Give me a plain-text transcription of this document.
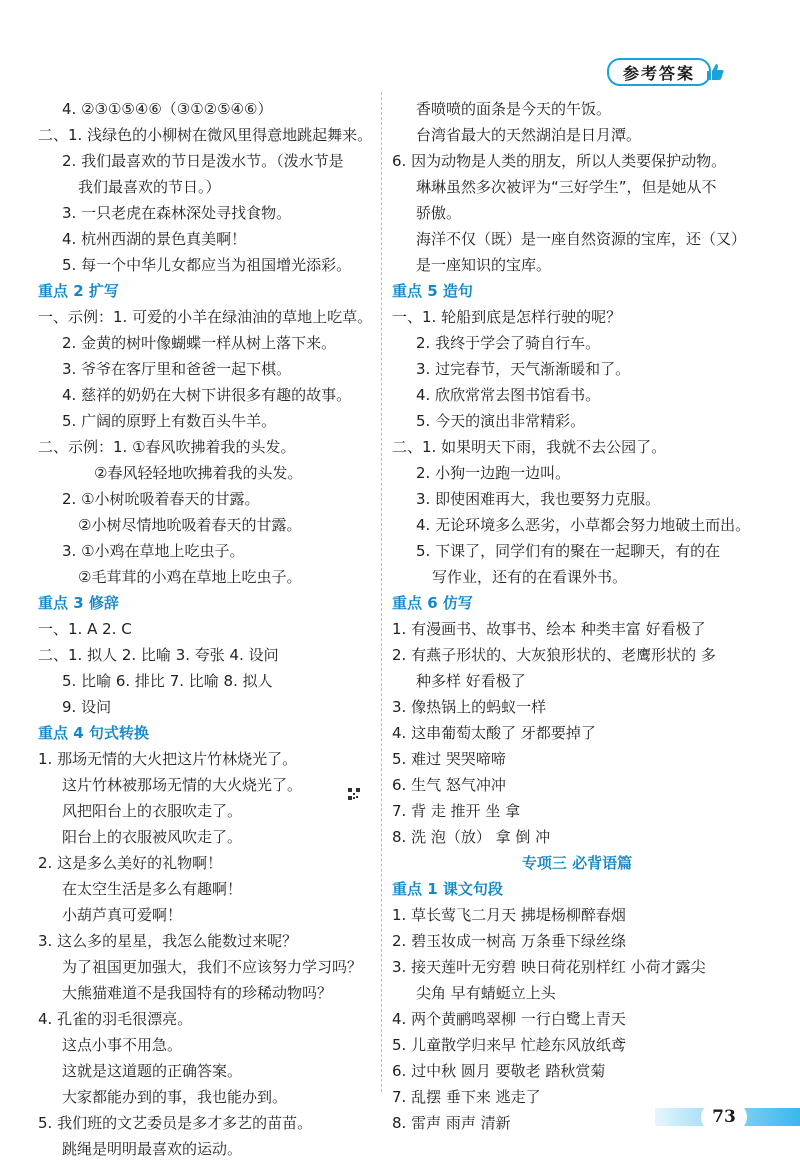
参考答案
4. ②③①⑤④⑥（③①②⑤④⑥）
二、1. 浅绿色的小柳树在微风里得意地跳起舞来。
2. 我们最喜欢的节日是泼水节。（泼水节是
我们最喜欢的节日。）
3. 一只老虎在森林深处寻找食物。
4. 杭州西湖的景色真美啊！
5. 每一个中华儿女都应当为祖国增光添彩。
重点 2 扩写
一、示例：1. 可爱的小羊在绿油油的草地上吃草。
2. 金黄的树叶像蝴蝶一样从树上落下来。
3. 爷爷在客厅里和爸爸一起下棋。
4. 慈祥的奶奶在大树下讲很多有趣的故事。
5. 广阔的原野上有数百头牛羊。
二、示例：1. ①春风吹拂着我的头发。
②春风轻轻地吹拂着我的头发。
2. ①小树吮吸着春天的甘露。
②小树尽情地吮吸着春天的甘露。
3. ①小鸡在草地上吃虫子。
②毛茸茸的小鸡在草地上吃虫子。
重点 3 修辞
一、1. A 2. C
二、1. 拟人 2. 比喻 3. 夸张 4. 设问
5. 比喻 6. 排比 7. 比喻 8. 拟人
9. 设问
重点 4 句式转换
1. 那场无情的大火把这片竹林烧光了。
这片竹林被那场无情的大火烧光了。
风把阳台上的衣服吹走了。
阳台上的衣服被风吹走了。
2. 这是多么美好的礼物啊！
在太空生活是多么有趣啊！
小葫芦真可爱啊！
3. 这么多的星星，我怎么能数过来呢？
为了祖国更加强大，我们不应该努力学习吗？
大熊猫难道不是我国特有的珍稀动物吗？
4. 孔雀的羽毛很漂亮。
这点小事不用急。
这就是这道题的正确答案。
大家都能办到的事，我也能办到。
5. 我们班的文艺委员是多才多艺的苗苗。
跳绳是明明最喜欢的运动。
香喷喷的面条是今天的午饭。
台湾省最大的天然湖泊是日月潭。
6. 因为动物是人类的朋友，所以人类要保护动物。
琳琳虽然多次被评为“三好学生”，但是她从不
骄傲。
海洋不仅（既）是一座自然资源的宝库，还（又）
是一座知识的宝库。
重点 5 造句
一、1. 轮船到底是怎样行驶的呢？
2. 我终于学会了骑自行车。
3. 过完春节，天气渐渐暖和了。
4. 欣欣常常去图书馆看书。
5. 今天的演出非常精彩。
二、1. 如果明天下雨，我就不去公园了。
2. 小狗一边跑一边叫。
3. 即使困难再大，我也要努力克服。
4. 无论环境多么恶劣，小草都会努力地破土而出。
5. 下课了，同学们有的聚在一起聊天，有的在
写作业，还有的在看课外书。
重点 6 仿写
1. 有漫画书、故事书、绘本 种类丰富 好看极了
2. 有燕子形状的、大灰狼形状的、老鹰形状的 多
种多样 好看极了
3. 像热锅上的蚂蚁一样
4. 这串葡萄太酸了 牙都要掉了
5. 难过 哭哭啼啼
6. 生气 怒气冲冲
7. 背 走 推开 坐 拿
8. 洗 泡（放） 拿 倒 冲
专项三 必背语篇
重点 1 课文句段
1. 草长莺飞二月天 拂堤杨柳醉春烟
2. 碧玉妆成一树高 万条垂下绿丝绦
3. 接天莲叶无穷碧 映日荷花别样红 小荷才露尖
尖角 早有蜻蜓立上头
4. 两个黄鹂鸣翠柳 一行白鹭上青天
5. 儿童散学归来早 忙趁东风放纸鸢
6. 过中秋 圆月 要敬老 踏秋赏菊
7. 乱摆 垂下来 逃走了
8. 雷声 雨声 清新	73
